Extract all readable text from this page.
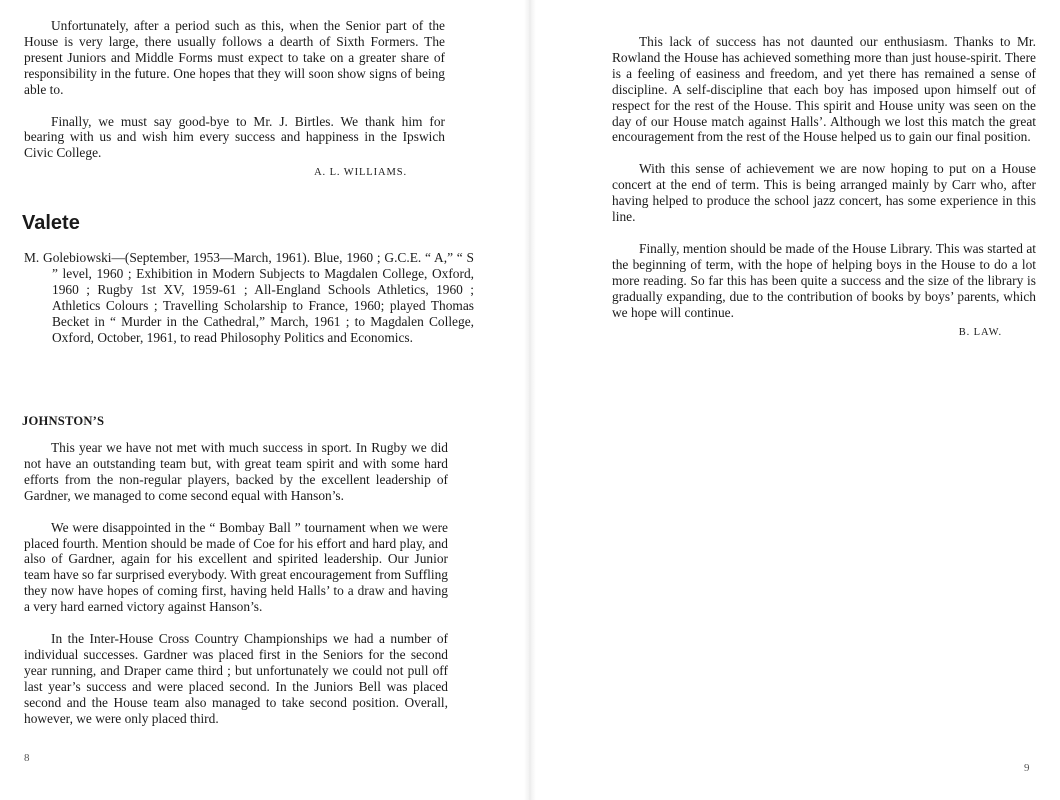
Unfortunately, after a period such as this, when the Senior part of the House is very large, there usually follows a dearth of Sixth Formers. The present Juniors and Middle Forms must expect to take on a greater share of responsibility in the future. One hopes that they will soon show signs of being able to.

Finally, we must say good-bye to Mr. J. Birtles. We thank him for bearing with us and wish him every success and happiness in the Ipswich Civic College.

A. L. WILLIAMS.

Valete

M. Golebiowski—(September, 1953—March, 1961). Blue, 1960 ; G.C.E. “ A,” “ S ” level, 1960 ; Exhibition in Modern Subjects to Magdalen College, Oxford, 1960 ; Rugby 1st XV, 1959-61 ; All-England Schools Athletics, 1960 ; Athletics Colours ; Travelling Scholarship to France, 1960; played Thomas Becket in “ Murder in the Cathedral,” March, 1961 ; to Magdalen College, Oxford, October, 1961, to read Philosophy Politics and Economics.

JOHNSTON’S

This year we have not met with much success in sport. In Rugby we did not have an outstanding team but, with great team spirit and with some hard efforts from the non-regular players, backed by the excellent leadership of Gardner, we managed to come second equal with Hanson’s.

We were disappointed in the “ Bombay Ball ” tournament when we were placed fourth. Mention should be made of Coe for his effort and hard play, and also of Gardner, again for his excellent and spirited leadership. Our Junior team have so far surprised everybody. With great encouragement from Suffling they now have hopes of coming first, having held Halls’ to a draw and having a very hard earned victory against Hanson’s.

In the Inter-House Cross Country Championships we had a number of individual successes. Gardner was placed first in the Seniors for the second year running, and Draper came third ; but unfortunately we could not pull off last year’s success and were placed second. In the Juniors Bell was placed second and the House team also managed to take second position. Overall, however, we were only placed third.

8

This lack of success has not daunted our enthusiasm. Thanks to Mr. Rowland the House has achieved something more than just house-spirit. There is a feeling of easiness and freedom, and yet there has remained a sense of discipline. A self-discipline that each boy has imposed upon himself out of respect for the rest of the House. This spirit and House unity was seen on the day of our House match against Halls’. Although we lost this match the great encouragement from the rest of the House helped us to gain our final position.

With this sense of achievement we are now hoping to put on a House concert at the end of term. This is being arranged mainly by Carr who, after having helped to produce the school jazz concert, has some experience in this line.

Finally, mention should be made of the House Library. This was started at the beginning of term, with the hope of helping boys in the House to do a lot more reading. So far this has been quite a success and the size of the library is gradually expanding, due to the contribution of books by boys’ parents, which we hope will continue.

B. LAW.

9
